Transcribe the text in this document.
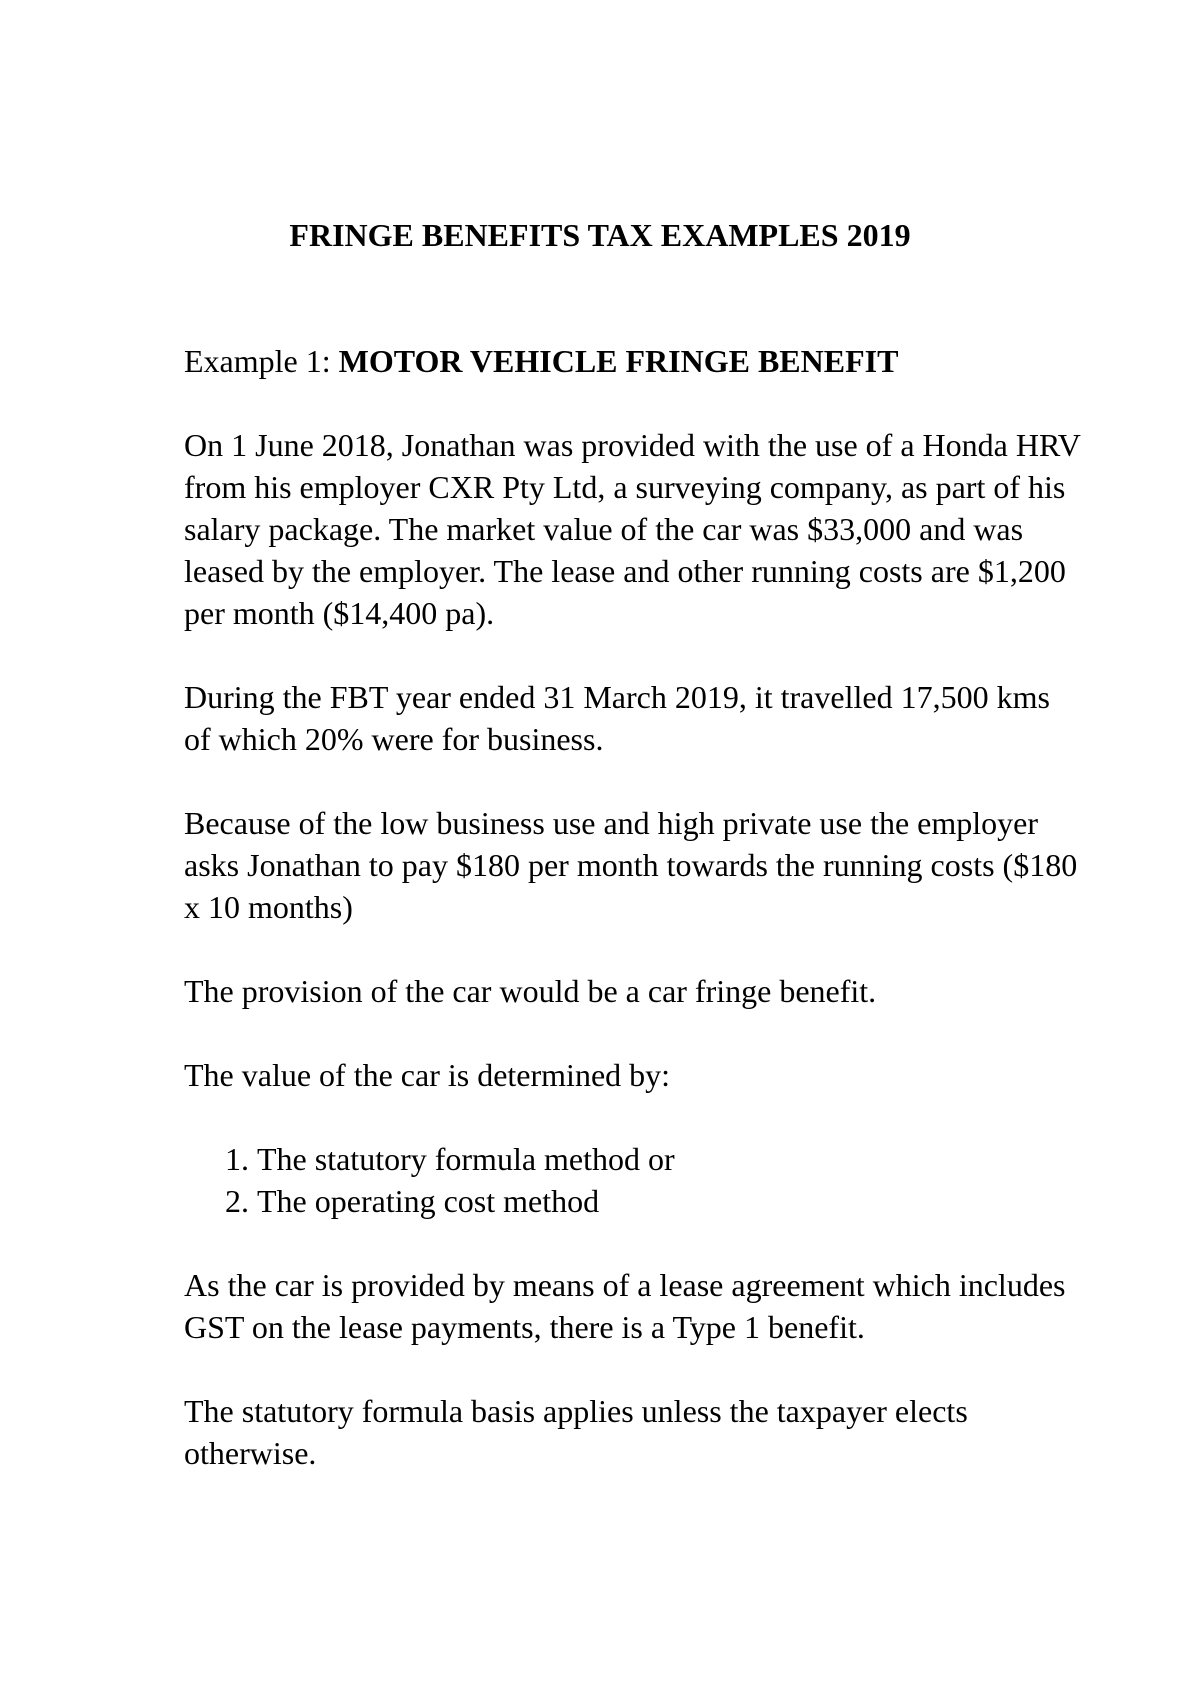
FRINGE BENEFITS TAX EXAMPLES 2019

Example 1: MOTOR VEHICLE FRINGE BENEFIT

On 1 June 2018, Jonathan was provided with the use of a Honda HRV from his employer CXR Pty Ltd, a surveying company, as part of his salary package. The market value of the car was $33,000 and was leased by the employer. The lease and other running costs are $1,200 per month ($14,400 pa).

During the FBT year ended 31 March 2019, it travelled 17,500 kms of which 20% were for business.

Because of the low business use and high private use the employer asks Jonathan to pay $180 per month towards the running costs ($180 x 10 months)

The provision of the car would be a car fringe benefit.

The value of the car is determined by:

1. The statutory formula method or
2. The operating cost method

As the car is provided by means of a lease agreement which includes GST on the lease payments, there is a Type 1 benefit.

The statutory formula basis applies unless the taxpayer elects otherwise.
